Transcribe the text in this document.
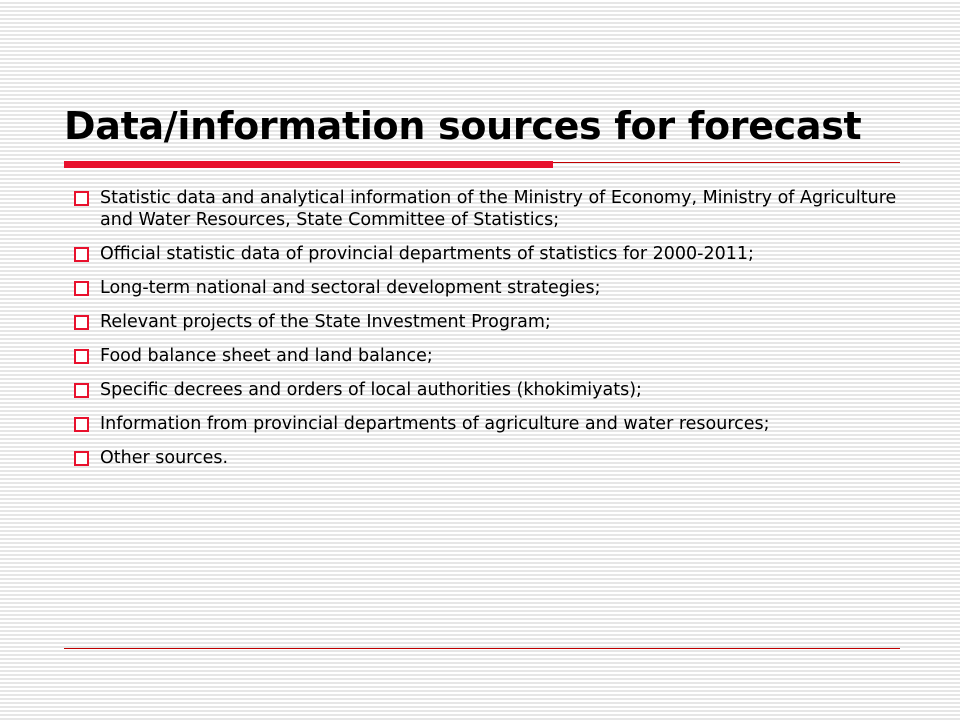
Data/information sources for forecast
Statistic data and analytical information of the Ministry of Economy, Ministry of Agriculture and Water Resources, State Committee of Statistics;
Official statistic data of provincial departments of statistics for 2000-2011;
Long-term national and sectoral development strategies;
Relevant projects of the State Investment Program;
Food balance sheet and land balance;
Specific decrees and orders of local authorities (khokimiyats);
Information from provincial departments of agriculture and water resources;
Other sources.
